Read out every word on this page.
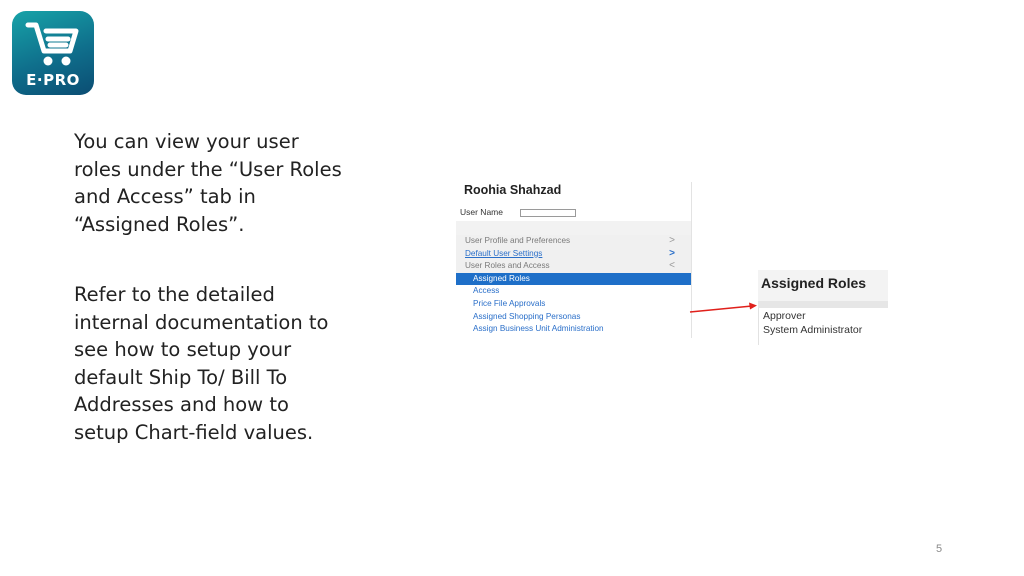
E·PRO
You can view your user roles under the “User Roles and Access” tab in “Assigned Roles”.
Refer to the detailed internal documentation to see how to setup your default Ship To/ Bill To Addresses and how to setup Chart-field values.
Roohia Shahzad
User Name
User Profile and Preferences	>
Default User Settings	>
User Roles and Access	<
Assigned Roles
Access
Price File Approvals
Assigned Shopping Personas
Assign Business Unit Administration
Assigned Roles
Approver
System Administrator
5
